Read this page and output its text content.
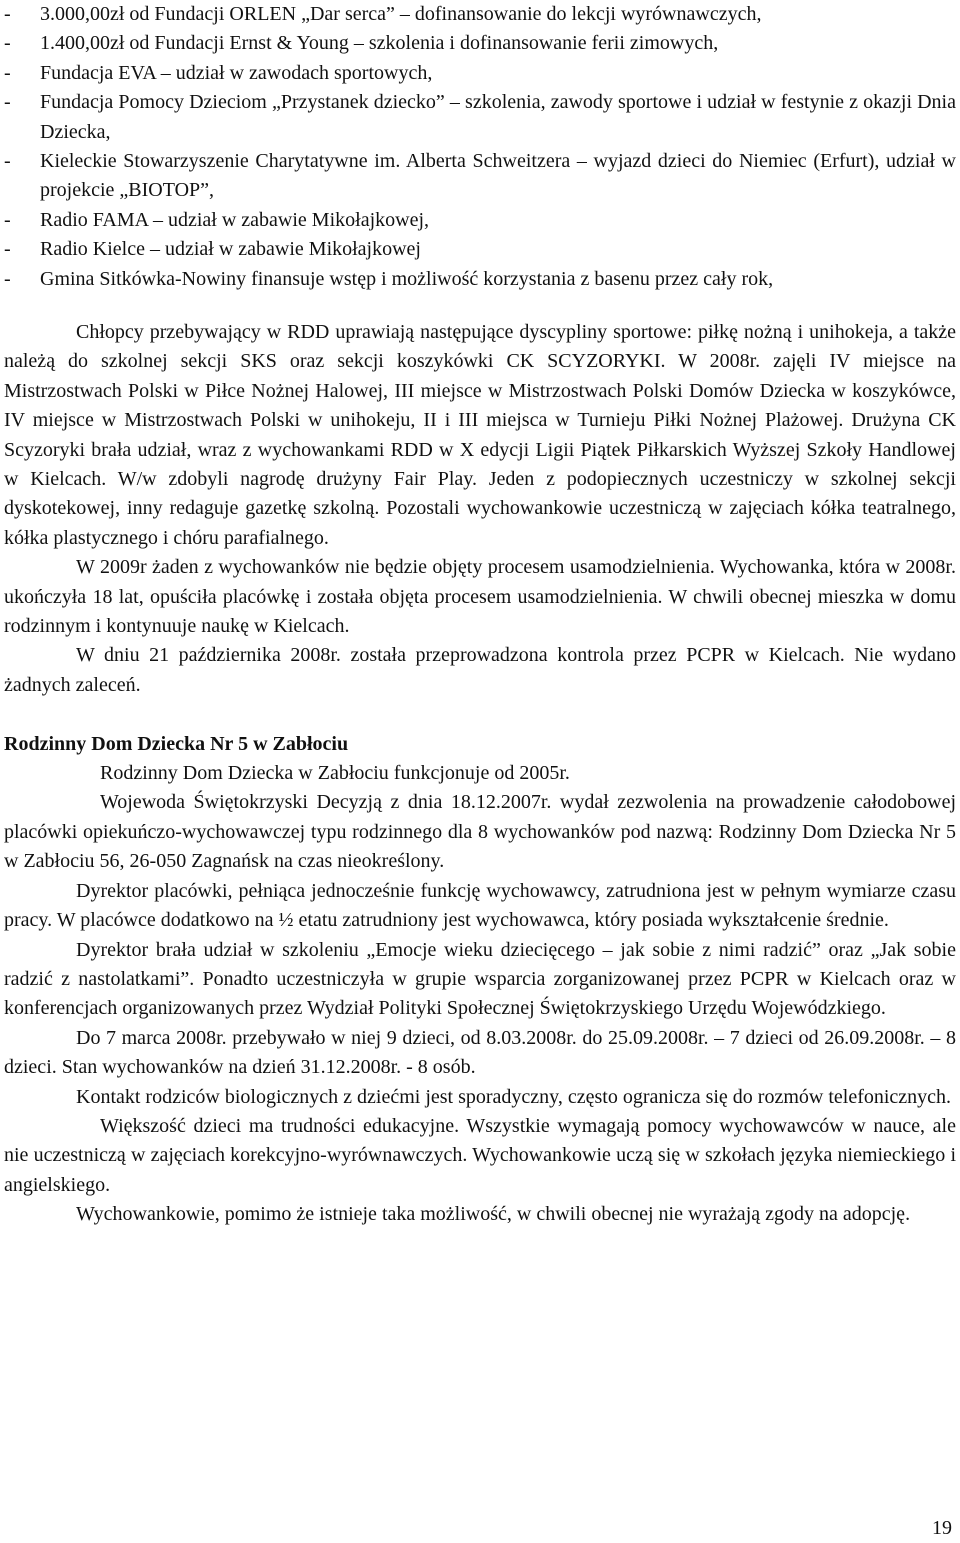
- 3.000,00zł od Fundacji ORLEN „Dar serca” – dofinansowanie do lekcji wyrównawczych,
- 1.400,00zł od Fundacji Ernst & Young – szkolenia i dofinansowanie ferii zimowych,
- Fundacja EVA – udział w zawodach sportowych,
- Fundacja Pomocy Dzieciom „Przystanek dziecko” – szkolenia, zawody sportowe i udział w festynie z okazji Dnia Dziecka,
- Kieleckie Stowarzyszenie Charytatywne im. Alberta Schweitzera – wyjazd dzieci do Niemiec (Erfurt), udział w projekcie „BIOTOP”,
- Radio FAMA – udział w zabawie Mikołajkowej,
- Radio Kielce – udział w zabawie Mikołajkowej
- Gmina Sitkówka-Nowiny finansuje wstęp i możliwość korzystania z basenu przez cały rok,

Chłopcy przebywający w RDD uprawiają następujące dyscypliny sportowe: piłkę nożną i unihokeja, a także należą do szkolnej sekcji SKS oraz sekcji koszykówki CK SCYZORYKI. W 2008r. zajęli IV miejsce na Mistrzostwach Polski w Piłce Nożnej Halowej, III miejsce w Mistrzostwach Polski Domów Dziecka w koszykówce, IV miejsce w Mistrzostwach Polski w unihokeju, II i III miejsca w Turnieju Piłki Nożnej Plażowej. Drużyna CK Scyzoryki brała udział, wraz z wychowankami RDD w X edycji Ligii Piątek Piłkarskich Wyższej Szkoły Handlowej w Kielcach. W/w zdobyli nagrodę drużyny Fair Play. Jeden z podopiecznych uczestniczy w szkolnej sekcji dyskotekowej, inny redaguje gazetkę szkolną. Pozostali wychowankowie uczestniczą w zajęciach kółka teatralnego, kółka plastycznego i chóru parafialnego.

W 2009r żaden z wychowanków nie będzie objęty procesem usamodzielnienia. Wychowanka, która w 2008r. ukończyła 18 lat, opuściła placówkę i została objęta procesem usamodzielnienia. W chwili obecnej mieszka w domu rodzinnym i kontynuuje naukę w Kielcach.

W dniu 21 października 2008r. została przeprowadzona kontrola przez PCPR w Kielcach. Nie wydano żadnych zaleceń.

Rodzinny Dom Dziecka Nr 5 w Zabłociu

Rodzinny Dom Dziecka w Zabłociu funkcjonuje od 2005r.

Wojewoda Świętokrzyski Decyzją z dnia 18.12.2007r. wydał zezwolenia na prowadzenie całodobowej placówki opiekuńczo-wychowawczej typu rodzinnego dla 8 wychowanków pod nazwą: Rodzinny Dom Dziecka Nr 5 w Zabłociu 56, 26-050 Zagnańsk na czas nieokreślony.

Dyrektor placówki, pełniąca jednocześnie funkcję wychowawcy, zatrudniona jest w pełnym wymiarze czasu pracy. W placówce dodatkowo na ½ etatu zatrudniony jest wychowawca, który posiada wykształcenie średnie.

Dyrektor brała udział w szkoleniu „Emocje wieku dziecięcego – jak sobie z nimi radzić” oraz „Jak sobie radzić z nastolatkami”. Ponadto uczestniczyła w grupie wsparcia zorganizowanej przez PCPR w Kielcach oraz w konferencjach organizowanych przez Wydział Polityki Społecznej Świętokrzyskiego Urzędu Wojewódzkiego.

Do 7 marca 2008r. przebywało w niej 9 dzieci, od 8.03.2008r. do 25.09.2008r. – 7 dzieci od 26.09.2008r. – 8 dzieci. Stan wychowanków na dzień 31.12.2008r. - 8 osób.

Kontakt rodziców biologicznych z dziećmi jest sporadyczny, często ogranicza się do rozmów telefonicznych.

Większość dzieci ma trudności edukacyjne. Wszystkie wymagają pomocy wychowawców w nauce, ale nie uczestniczą w zajęciach korekcyjno-wyrównawczych. Wychowankowie uczą się w szkołach języka niemieckiego i angielskiego.

Wychowankowie, pomimo że istnieje taka możliwość, w chwili obecnej nie wyrażają zgody na adopcję.

19
